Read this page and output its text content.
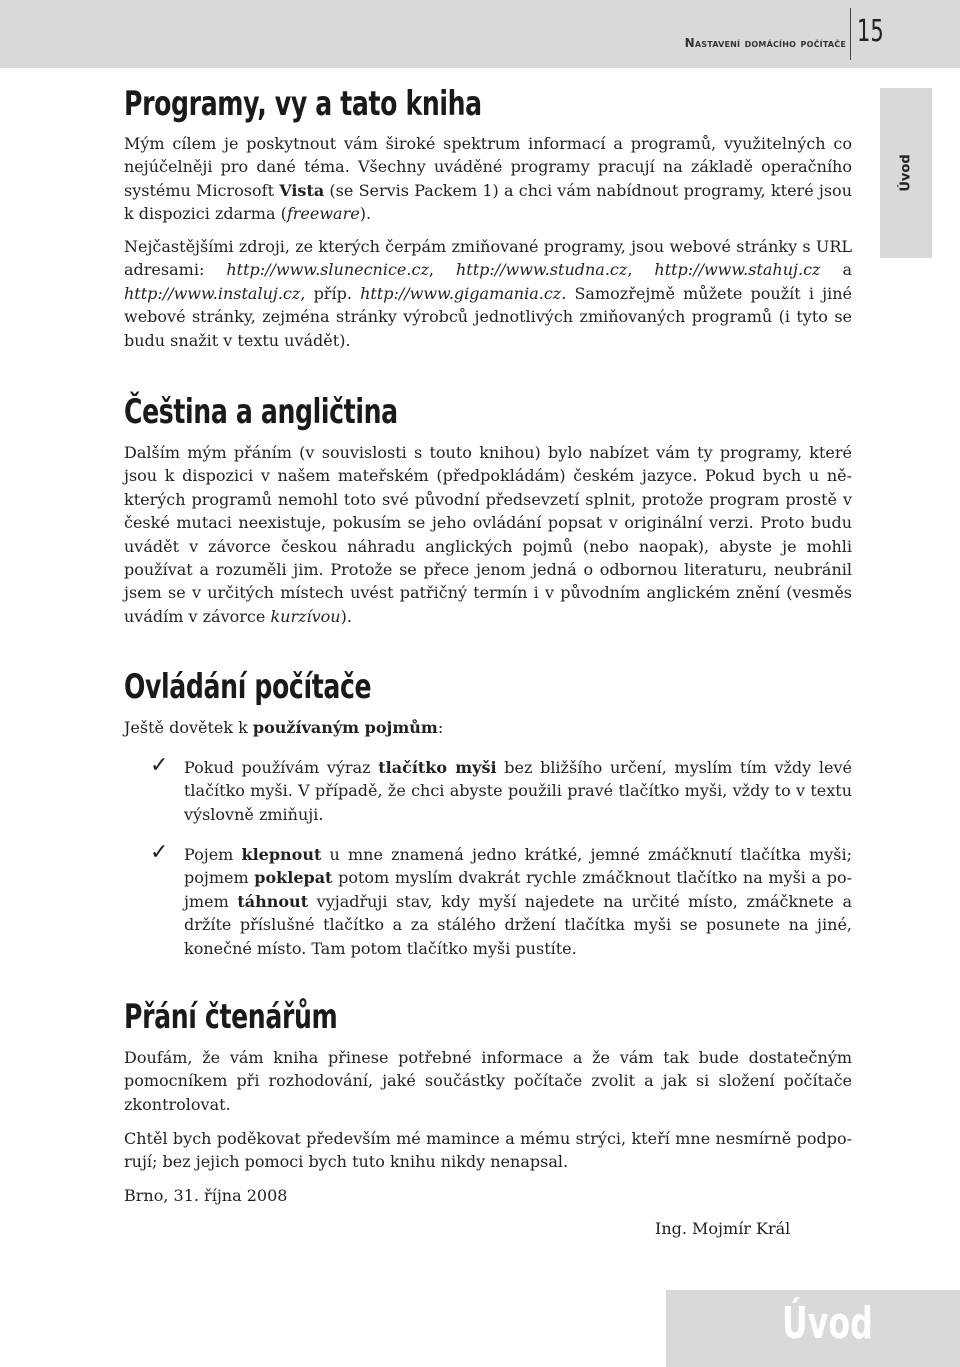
Nastavení domácího počítače 15
Úvod
Programy, vy a tato kniha

Mým cílem je poskytnout vám široké spektrum informací a programů, využitelných co nejúčelněji pro dané téma. Všechny uváděné programy pracují na základě operačního systému Microsoft Vista (se Servis Packem 1) a chci vám nabídnout programy, které jsou k dispozici zdarma (freeware).

Nejčastějšími zdroji, ze kterých čerpám zmiňované programy, jsou webové stránky s URL adresami: http://www.slunecnice.cz, http://www.studna.cz, http://www.stahuj.cz a http://www.instaluj.cz, příp. http://www.gigamania.cz. Samozřejmě můžete použít i jiné webové stránky, zejména stránky výrobců jednotlivých zmiňovaných programů (i tyto se budu snažit v textu uvádět).

Čeština a angličtina

Dalším mým přáním (v souvislosti s touto knihou) bylo nabízet vám ty programy, které jsou k dispozici v našem mateřském (předpokládám) českém jazyce. Pokud bych u některých programů nemohl toto své původní předsevzetí splnit, protože program prostě v české mutaci neexistuje, pokusím se jeho ovládání popsat v originální verzi. Proto budu uvádět v závorce českou náhradu anglických pojmů (nebo naopak), abyste je mohli používat a rozuměli jim. Protože se přece jenom jedná o odbornou literaturu, neubránil jsem se v určitých místech uvést patřičný termín i v původním anglickém znění (vesměs uvádím v závorce kurzívou).

Ovládání počítače

Ještě dovětek k používaným pojmům:

✓ Pokud používám výraz tlačítko myši bez bližšího určení, myslím tím vždy levé tlačítko myši. V případě, že chci abyste použili pravé tlačítko myši, vždy to v textu výslovně zmiňuji.

✓ Pojem klepnout u mne znamená jedno krátké, jemné zmáčknutí tlačítka myši; pojmem poklepat potom myslím dvakrát rychle zmáčknout tlačítko na myši a pojmem táhnout vyjadřuji stav, kdy myší najedete na určité místo, zmáčknete a držíte příslušné tlačítko a za stálého držení tlačítka myši se posunete na jiné, konečné místo. Tam potom tlačítko myši pustíte.

Přání čtenářům

Doufám, že vám kniha přinese potřebné informace a že vám tak bude dostatečným pomocníkem při rozhodování, jaké součástky počítače zvolit a jak si složení počítače zkontrolovat.

Chtěl bych poděkovat především mé mamince a mému strýci, kteří mne nesmírně podporují; bez jejich pomoci bych tuto knihu nikdy nenapsal.

Brno, 31. října 2008

Ing. Mojmír Král
Úvod
